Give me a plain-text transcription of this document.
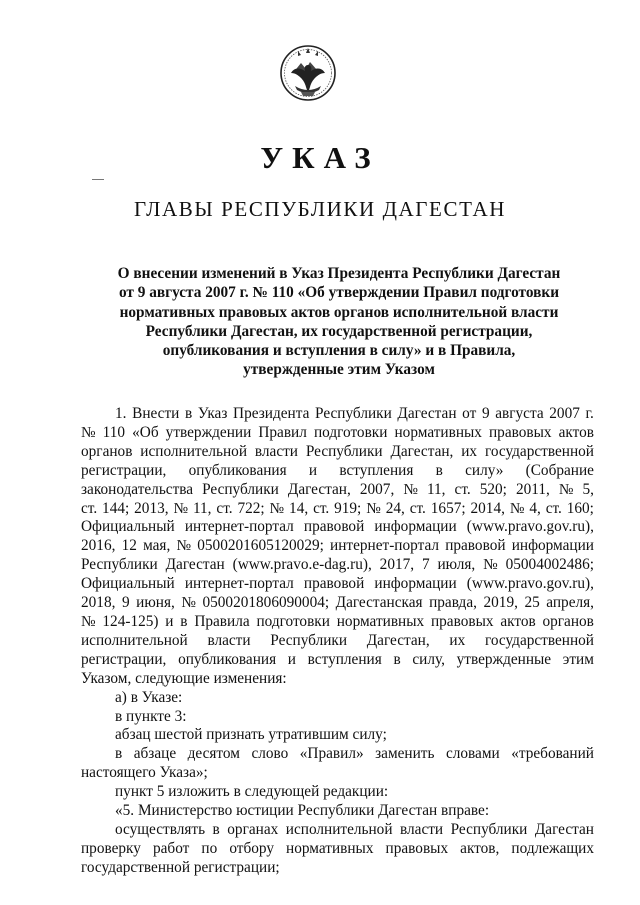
УКАЗ
ГЛАВЫ РЕСПУБЛИКИ ДАГЕСТАН
О внесении изменений в Указ Президента Республики Дагестан
от 9 августа 2007 г. № 110 «Об утверждении Правил подготовки
нормативных правовых актов органов исполнительной власти
Республики Дагестан, их государственной регистрации,
опубликования и вступления в силу» и в Правила,
утвержденные этим Указом
1. Внести в Указ Президента Республики Дагестан от 9 августа 2007 г.
№ 110 «Об утверждении Правил подготовки нормативных правовых актов
органов исполнительной власти Республики Дагестан, их государственной
регистрации, опубликования и вступления в силу» (Собрание
законодательства Республики Дагестан, 2007, № 11, ст. 520; 2011, № 5,
ст. 144; 2013, № 11, ст. 722; № 14, ст. 919; № 24, ст. 1657; 2014, № 4, ст. 160;
Официальный интернет-портал правовой информации (www.pravo.gov.ru),
2016, 12 мая, № 0500201605120029; интернет-портал правовой информации
Республики Дагестан (www.pravo.e-dag.ru), 2017, 7 июля, № 05004002486;
Официальный интернет-портал правовой информации (www.pravo.gov.ru),
2018, 9 июня, № 0500201806090004; Дагестанская правда, 2019, 25 апреля,
№ 124-125) и в Правила подготовки нормативных правовых актов органов
исполнительной власти Республики Дагестан, их государственной
регистрации, опубликования и вступления в силу, утвержденные этим
Указом, следующие изменения:
а) в Указе:
в пункте 3:
абзац шестой признать утратившим силу;
в абзаце десятом слово «Правил» заменить словами «требований
настоящего Указа»;
пункт 5 изложить в следующей редакции:
«5. Министерство юстиции Республики Дагестан вправе:
осуществлять в органах исполнительной власти Республики Дагестан
проверку работ по отбору нормативных правовых актов, подлежащих
государственной регистрации;
